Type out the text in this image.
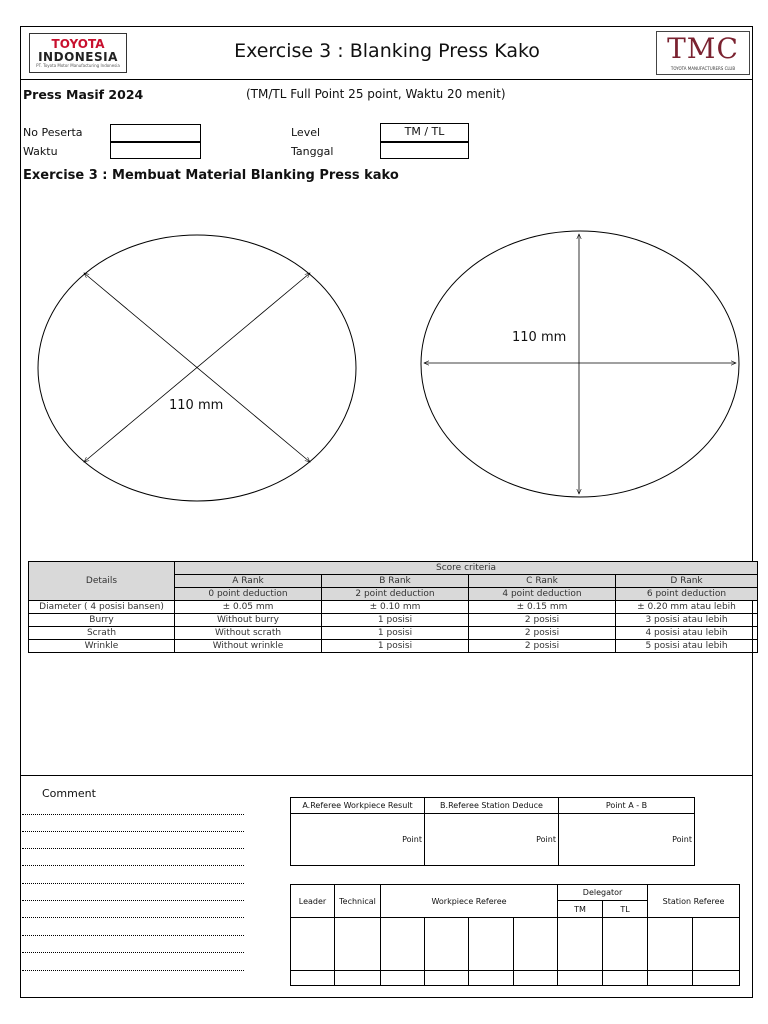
TOYOTA
INDONESIA
PT. Toyota Motor Manufacturing Indonesia
Exercise 3 : Blanking Press Kako	TMC
TOYOTA MANUFACTURERS CLUB
Press Masif 2024	(TM/TL Full Point 25 point, Waktu 20 menit)
No Peserta
Waktu
Level	TM / TL
Tanggal
Exercise 3 : Membuat Material Blanking Press kako
110 mm
110 mm
Details	Score criteria			
	A Rank	B Rank	C Rank	D Rank
	0 point deduction	2 point deduction	4 point deduction	6 point deduction
Diameter ( 4 posisi bansen)	± 0.05 mm	± 0.10 mm	± 0.15 mm	± 0.20 mm atau lebih
Burry	Without burry	1 posisi	2 posisi	3 posisi atau lebih
Scrath	Without scrath	1 posisi	2 posisi	4 posisi atau lebih
Wrinkle	Without wrinkle	1 posisi	2 posisi	5 posisi atau lebih
Comment
A.Referee Workpiece Result	B.Referee Station Deduce	Point A - B
Point	Point	Point
Leader	Technical	Workpiece Referee				Delegator		Station Referee	
						TM	TL		
